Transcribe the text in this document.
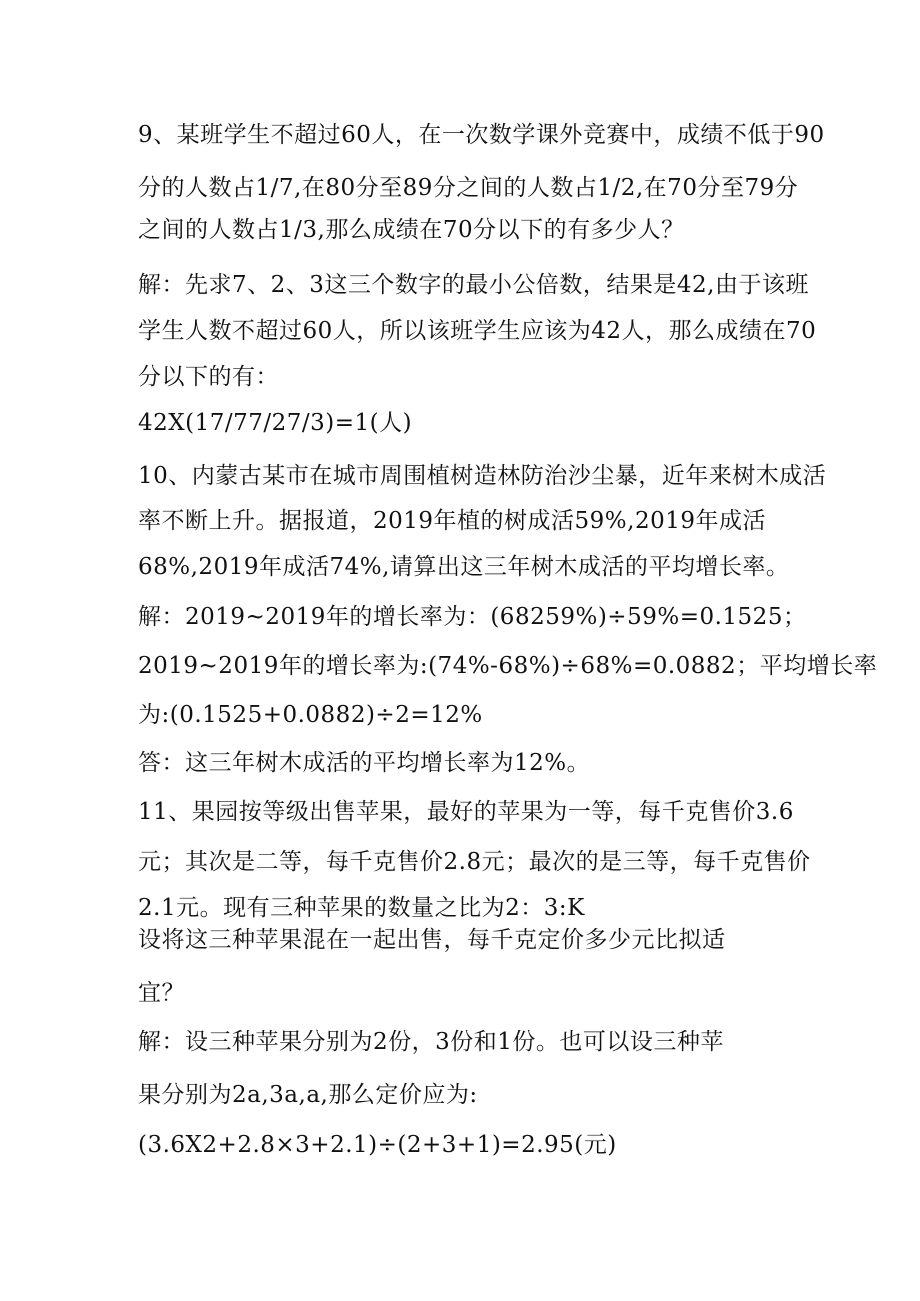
9、某班学生不超过60人，在一次数学课外竞赛中，成绩不低于90
分的人数占1/7,在80分至89分之间的人数占1/2,在70分至79分
之间的人数占1/3,那么成绩在70分以下的有多少人？
解：先求7、2、3这三个数字的最小公倍数，结果是42,由于该班
学生人数不超过60人，所以该班学生应该为42人，那么成绩在70
分以下的有：
42X(17/77/27/3)=1(人)
10、内蒙古某市在城市周围植树造林防治沙尘暴，近年来树木成活
率不断上升。据报道，2019年植的树成活59%,2019年成活
68%,2019年成活74%,请算出这三年树木成活的平均增长率。
解：2019~2019年的增长率为：(68259%)÷59%=0.1525；
2019~2019年的增长率为:(74%-68%)÷68%=0.0882；平均增长率
为:(0.1525+0.0882)÷2=12%
答：这三年树木成活的平均增长率为12%。
11、果园按等级出售苹果，最好的苹果为一等，每千克售价3.6
元；其次是二等，每千克售价2.8元；最次的是三等，每千克售价
2.1元。现有三种苹果的数量之比为2：3:K
设将这三种苹果混在一起出售，每千克定价多少元比拟适
宜？
解：设三种苹果分别为2份，3份和1份。也可以设三种苹
果分别为2a,3a,a,那么定价应为:
(3.6X2+2.8×3+2.1)÷(2+3+1)=2.95(元)
